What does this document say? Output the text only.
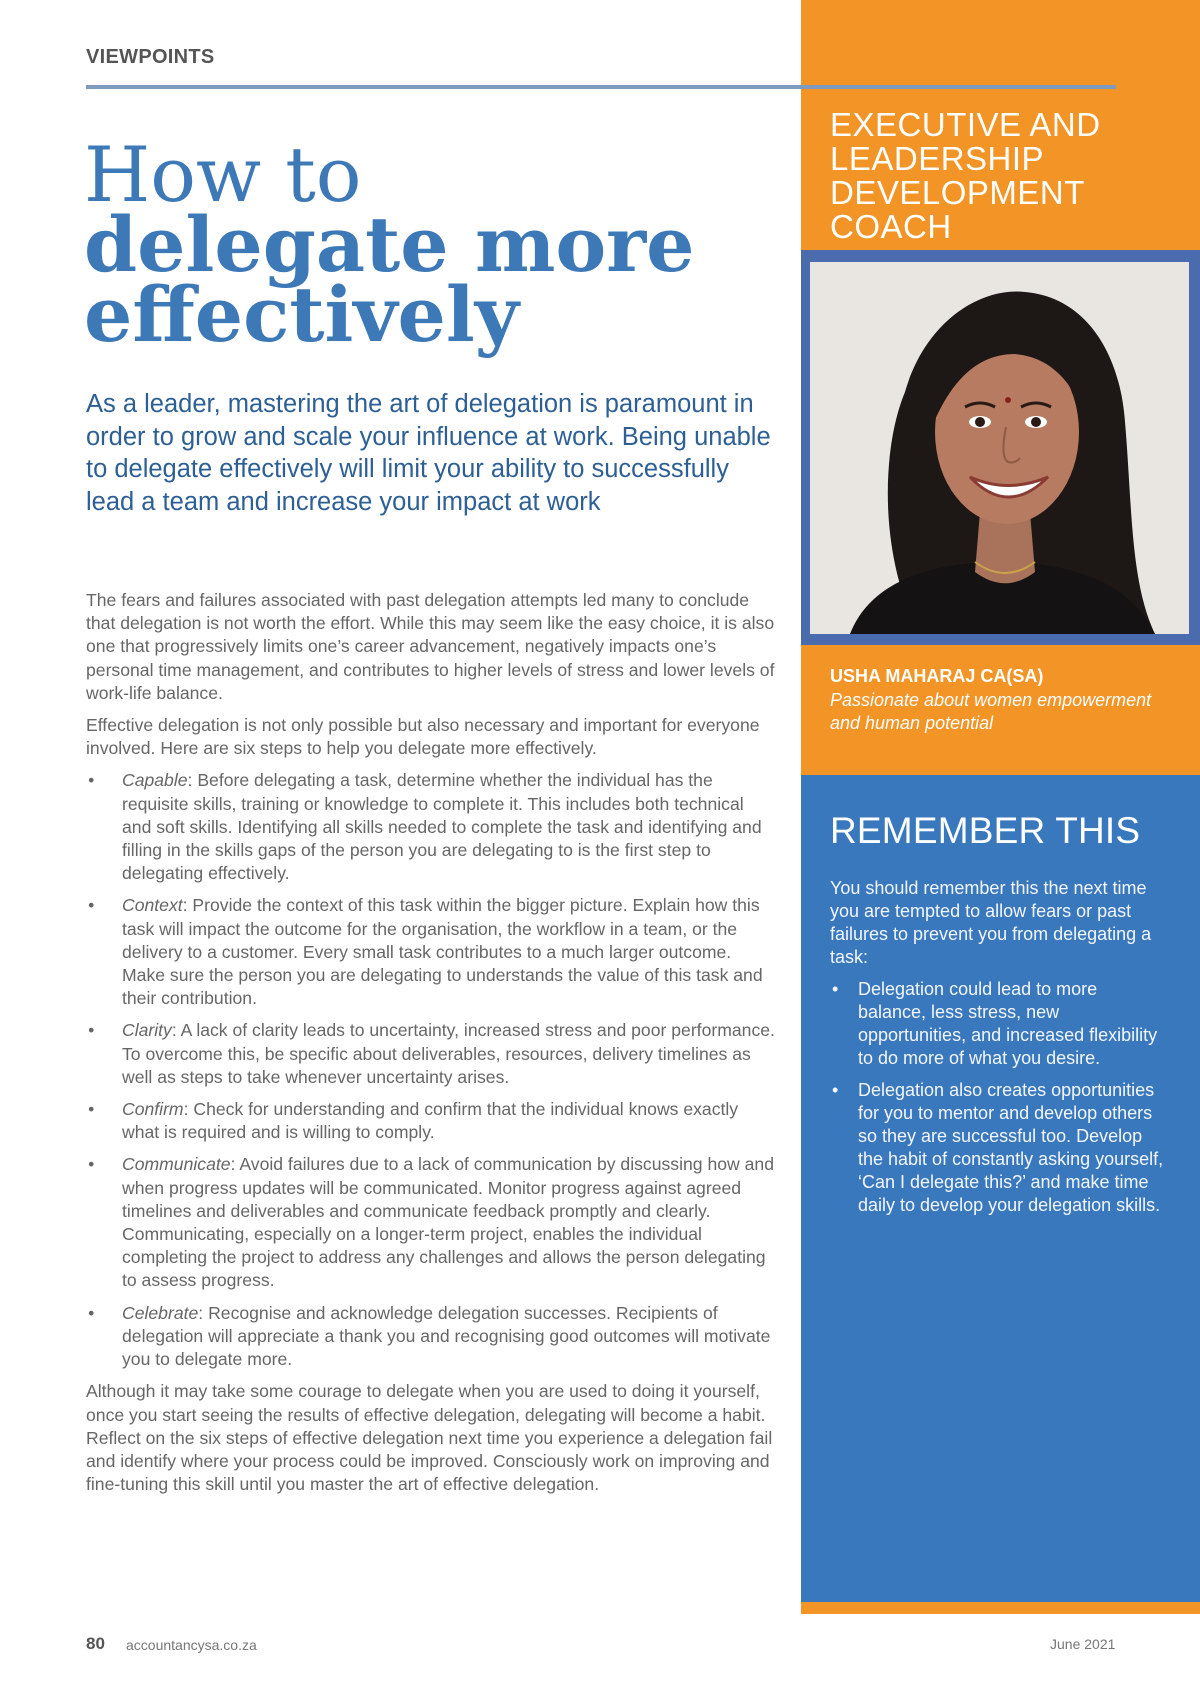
VIEWPOINTS
How to
delegate more
effectively

As a leader, mastering the art of delegation is paramount in order to grow and scale your influence at work. Being unable to delegate effectively will limit your ability to successfully lead a team and increase your impact at work

The fears and failures associated with past delegation attempts led many to conclude that delegation is not worth the effort. While this may seem like the easy choice, it is also one that progressively limits one’s career advancement, negatively impacts one’s personal time management, and contributes to higher levels of stress and lower levels of work-life balance.

Effective delegation is not only possible but also necessary and important for everyone involved. Here are six steps to help you delegate more effectively.

• Capable: Before delegating a task, determine whether the individual has the requisite skills, training or knowledge to complete it. This includes both technical and soft skills. Identifying all skills needed to complete the task and identifying and filling in the skills gaps of the person you are delegating to is the first step to delegating effectively.
• Context: Provide the context of this task within the bigger picture. Explain how this task will impact the outcome for the organisation, the workflow in a team, or the delivery to a customer. Every small task contributes to a much larger outcome. Make sure the person you are delegating to understands the value of this task and their contribution.
• Clarity: A lack of clarity leads to uncertainty, increased stress and poor performance. To overcome this, be specific about deliverables, resources, delivery timelines as well as steps to take whenever uncertainty arises.
• Confirm: Check for understanding and confirm that the individual knows exactly what is required and is willing to comply.
• Communicate: Avoid failures due to a lack of communication by discussing how and when progress updates will be communicated. Monitor progress against agreed timelines and deliverables and communicate feedback promptly and clearly. Communicating, especially on a longer-term project, enables the individual completing the project to address any challenges and allows the person delegating to assess progress.
• Celebrate: Recognise and acknowledge delegation successes. Recipients of delegation will appreciate a thank you and recognising good outcomes will motivate you to delegate more.

Although it may take some courage to delegate when you are used to doing it yourself, once you start seeing the results of effective delegation, delegating will become a habit. Reflect on the six steps of effective delegation next time you experience a delegation fail and identify where your process could be improved. Consciously work on improving and fine-tuning this skill until you master the art of effective delegation.

EXECUTIVE AND LEADERSHIP DEVELOPMENT COACH
USHA MAHARAJ CA(SA)
Passionate about women empowerment and human potential
REMEMBER THIS

You should remember this the next time you are tempted to allow fears or past failures to prevent you from delegating a task:

• Delegation could lead to more balance, less stress, new opportunities, and increased flexibility to do more of what you desire.
• Delegation also creates opportunities for you to mentor and develop others so they are successful too. Develop the habit of constantly asking yourself, ‘Can I delegate this?’ and make time daily to develop your delegation skills.
80 accountancysa.co.za	June 2021
